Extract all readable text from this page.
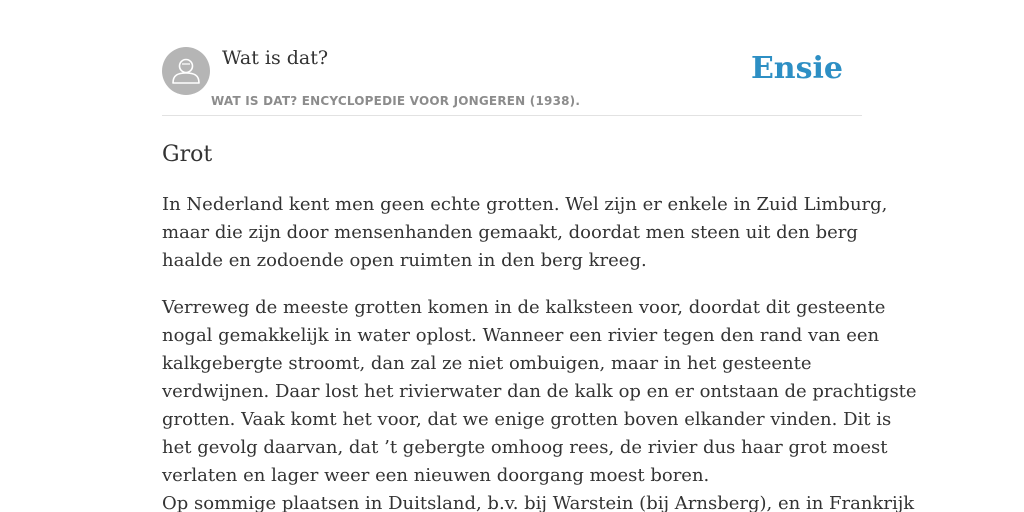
Wat is dat?
WAT IS DAT? ENCYCLOPEDIE VOOR JONGEREN (1938).
Ensie
Grot

In Nederland kent men geen echte grotten. Wel zijn er enkele in Zuid Limburg,

maar die zijn door mensenhanden gemaakt, doordat men steen uit den berg

haalde en zodoende open ruimten in den berg kreeg.

Verreweg de meeste grotten komen in de kalksteen voor, doordat dit gesteente

nogal gemakkelijk in water oplost. Wanneer een rivier tegen den rand van een

kalkgebergte stroomt, dan zal ze niet ombuigen, maar in het gesteente

verdwijnen. Daar lost het rivierwater dan de kalk op en er ontstaan de prachtigste

grotten. Vaak komt het voor, dat we enige grotten boven elkander vinden. Dit is

het gevolg daarvan, dat ’t gebergte omhoog rees, de rivier dus haar grot moest

verlaten en lager weer een nieuwen doorgang moest boren.

Op sommige plaatsen in Duitsland, b.v. bij Warstein (bij Arnsberg), en in Frankrijk
